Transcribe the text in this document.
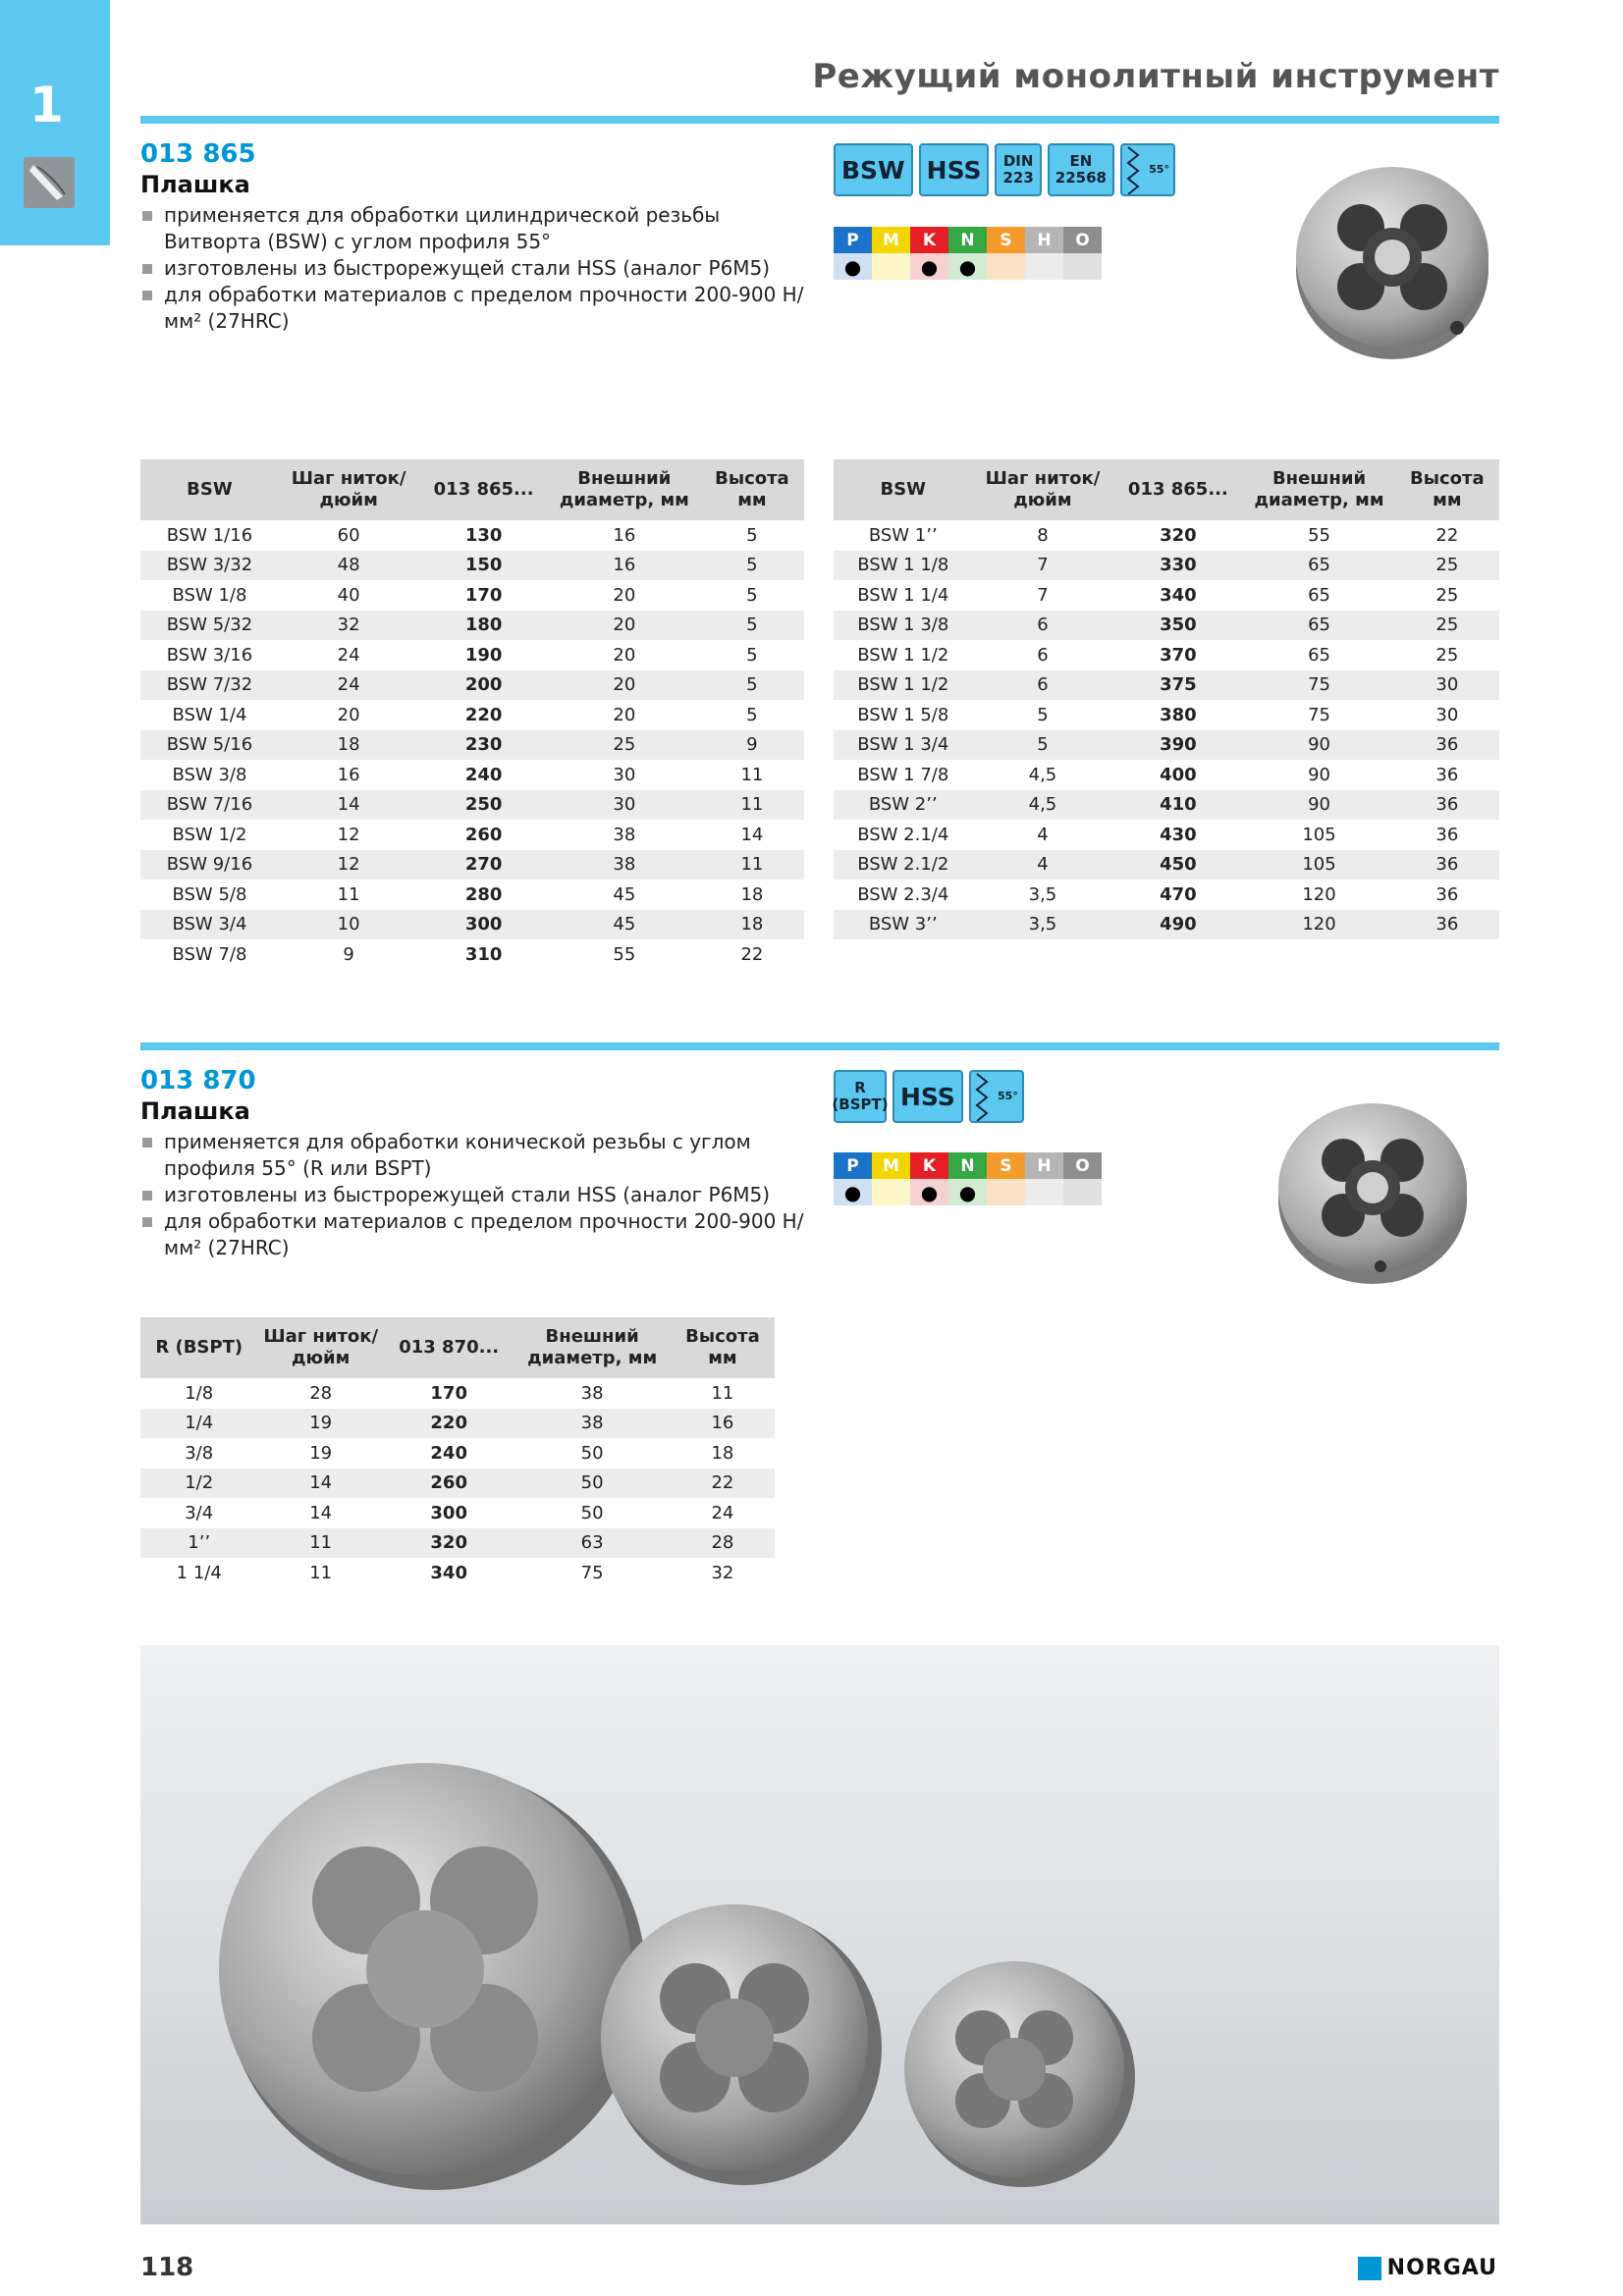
1	Режущий монолитный инструмент
013 865
Плашка
применяется для обработки цилиндрической резьбы Витворта (BSW) с углом профиля 55°
изготовлены из быстрорежущей стали HSS (аналог Р6М5)
для обработки материалов с пределом прочности 200-900 Н/мм² (27HRC)
BSW HSS DIN
223
EN
22568	55°
P	M	K	N	S	H	O
●	●	●
BSW	Шаг ниток/ дюйм	013 865...	Внешний диаметр, мм	Высота мм
BSW 1/16	60	130	16	5
BSW 3/32	48	150	16	5
BSW 1/8	40	170	20	5
BSW 5/32	32	180	20	5
BSW 3/16	24	190	20	5
BSW 7/32	24	200	20	5
BSW 1/4	20	220	20	5
BSW 5/16	18	230	25	9
BSW 3/8	16	240	30	11
BSW 7/16	14	250	30	11
BSW 1/2	12	260	38	14
BSW 9/16	12	270	38	11
BSW 5/8	11	280	45	18
BSW 3/4	10	300	45	18
BSW 7/8	9	310	55	22
BSW	Шаг ниток/ дюйм	013 865...	Внешний диаметр, мм	Высота мм
BSW 1’’	8	320	55	22
BSW 1 1/8	7	330	65	25
BSW 1 1/4	7	340	65	25
BSW 1 3/8	6	350	65	25
BSW 1 1/2	6	370	65	25
BSW 1 1/2	6	375	75	30
BSW 1 5/8	5	380	75	30
BSW 1 3/4	5	390	90	36
BSW 1 7/8	4,5	400	90	36
BSW 2’’	4,5	410	90	36
BSW 2.1/4	4	430	105	36
BSW 2.1/2	4	450	105	36
BSW 2.3/4	3,5	470	120	36
BSW 3’’	3,5	490	120	36
013 870
Плашка
применяется для обработки конической резьбы с углом профиля 55° (R или BSPT)
изготовлены из быстрорежущей стали HSS (аналог Р6М5)
для обработки материалов с пределом прочности 200-900 Н/мм² (27HRC)
R
(BSPT) HSS	55°
P	M	K	N	S	H	O
●	●	●
R (BSPT)	Шаг ниток/ дюйм	013 870...	Внешний диаметр, мм	Высота мм
1/8	28	170	38	11
1/4	19	220	38	16
3/8	19	240	50	18
1/2	14	260	50	22
3/4	14	300	50	24
1’’	11	320	63	28
1 1/4	11	340	75	32
118	NORGAU
